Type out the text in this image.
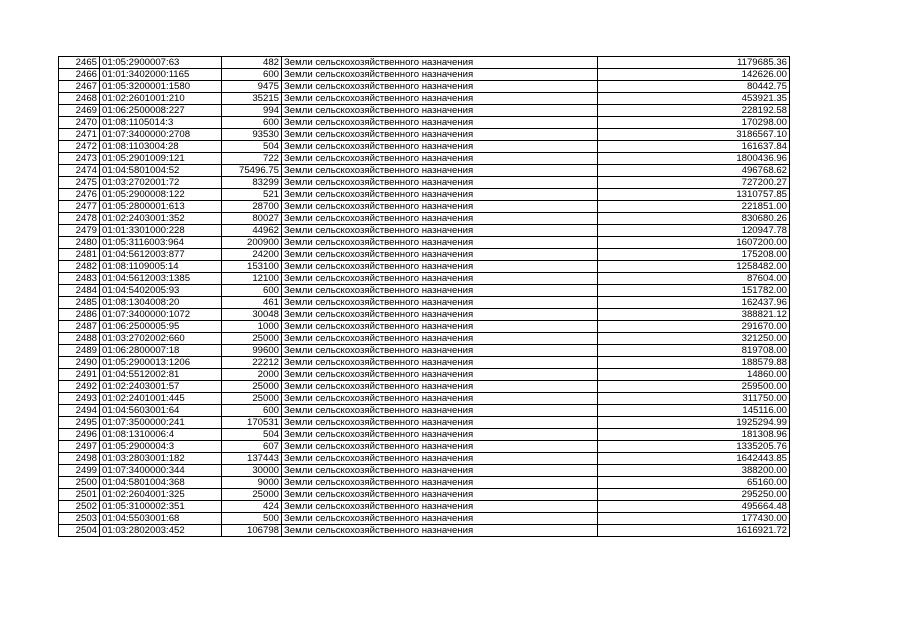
2465	01:05:2900007:63	482	Земли сельскохозяйственного назначения	1179685.36
2466	01:01:3402000:1165	600	Земли сельскохозяйственного назначения	142626.00
2467	01:05:3200001:1580	9475	Земли сельскохозяйственного назначения	80442.75
2468	01:02:2601001:210	35215	Земли сельскохозяйственного назначения	453921.35
2469	01:06:2500008:227	994	Земли сельскохозяйственного назначения	228192.58
2470	01:08:1105014:3	600	Земли сельскохозяйственного назначения	170298.00
2471	01:07:3400000:2708	93530	Земли сельскохозяйственного назначения	3186567.10
2472	01:08:1103004:28	504	Земли сельскохозяйственного назначения	161637.84
2473	01:05:2901009:121	722	Земли сельскохозяйственного назначения	1800436.96
2474	01:04:5801004:52	75496.75	Земли сельскохозяйственного назначения	496768.62
2475	01:03:2702001:72	83299	Земли сельскохозяйственного назначения	727200.27
2476	01:05:2900008:122	521	Земли сельскохозяйственного назначения	1310757.85
2477	01:05:2800001:613	28700	Земли сельскохозяйственного назначения	221851.00
2478	01:02:2403001:352	80027	Земли сельскохозяйственного назначения	830680.26
2479	01:01:3301000:228	44962	Земли сельскохозяйственного назначения	120947.78
2480	01:05:3116003:964	200900	Земли сельскохозяйственного назначения	1607200.00
2481	01:04:5612003:877	24200	Земли сельскохозяйственного назначения	175208.00
2482	01:08:1109005:14	153100	Земли сельскохозяйственного назначения	1258482.00
2483	01:04:5612003:1385	12100	Земли сельскохозяйственного назначения	87604.00
2484	01:04:5402005:93	600	Земли сельскохозяйственного назначения	151782.00
2485	01:08:1304008:20	461	Земли сельскохозяйственного назначения	162437.96
2486	01:07:3400000:1072	30048	Земли сельскохозяйственного назначения	388821.12
2487	01:06:2500005:95	1000	Земли сельскохозяйственного назначения	291670.00
2488	01:03:2702002:660	25000	Земли сельскохозяйственного назначения	321250.00
2489	01:06:2800007:18	99600	Земли сельскохозяйственного назначения	819708.00
2490	01:05:2900013:1206	22212	Земли сельскохозяйственного назначения	188579.88
2491	01:04:5512002:81	2000	Земли сельскохозяйственного назначения	14860.00
2492	01:02:2403001:57	25000	Земли сельскохозяйственного назначения	259500.00
2493	01:02:2401001:445	25000	Земли сельскохозяйственного назначения	311750.00
2494	01:04:5603001:64	600	Земли сельскохозяйственного назначения	145116.00
2495	01:07:3500000:241	170531	Земли сельскохозяйственного назначения	1925294.99
2496	01:08:1310006:4	504	Земли сельскохозяйственного назначения	181308.96
2497	01:05:2900004:3	607	Земли сельскохозяйственного назначения	1335205.76
2498	01:03:2803001:182	137443	Земли сельскохозяйственного назначения	1642443.85
2499	01:07:3400000:344	30000	Земли сельскохозяйственного назначения	388200.00
2500	01:04:5801004:368	9000	Земли сельскохозяйственного назначения	65160.00
2501	01:02:2604001:325	25000	Земли сельскохозяйственного назначения	295250.00
2502	01:05:3100002:351	424	Земли сельскохозяйственного назначения	495664.48
2503	01:04:5503001:68	500	Земли сельскохозяйственного назначения	177430.00
2504	01:03:2802003:452	106798	Земли сельскохозяйственного назначения	1616921.72
